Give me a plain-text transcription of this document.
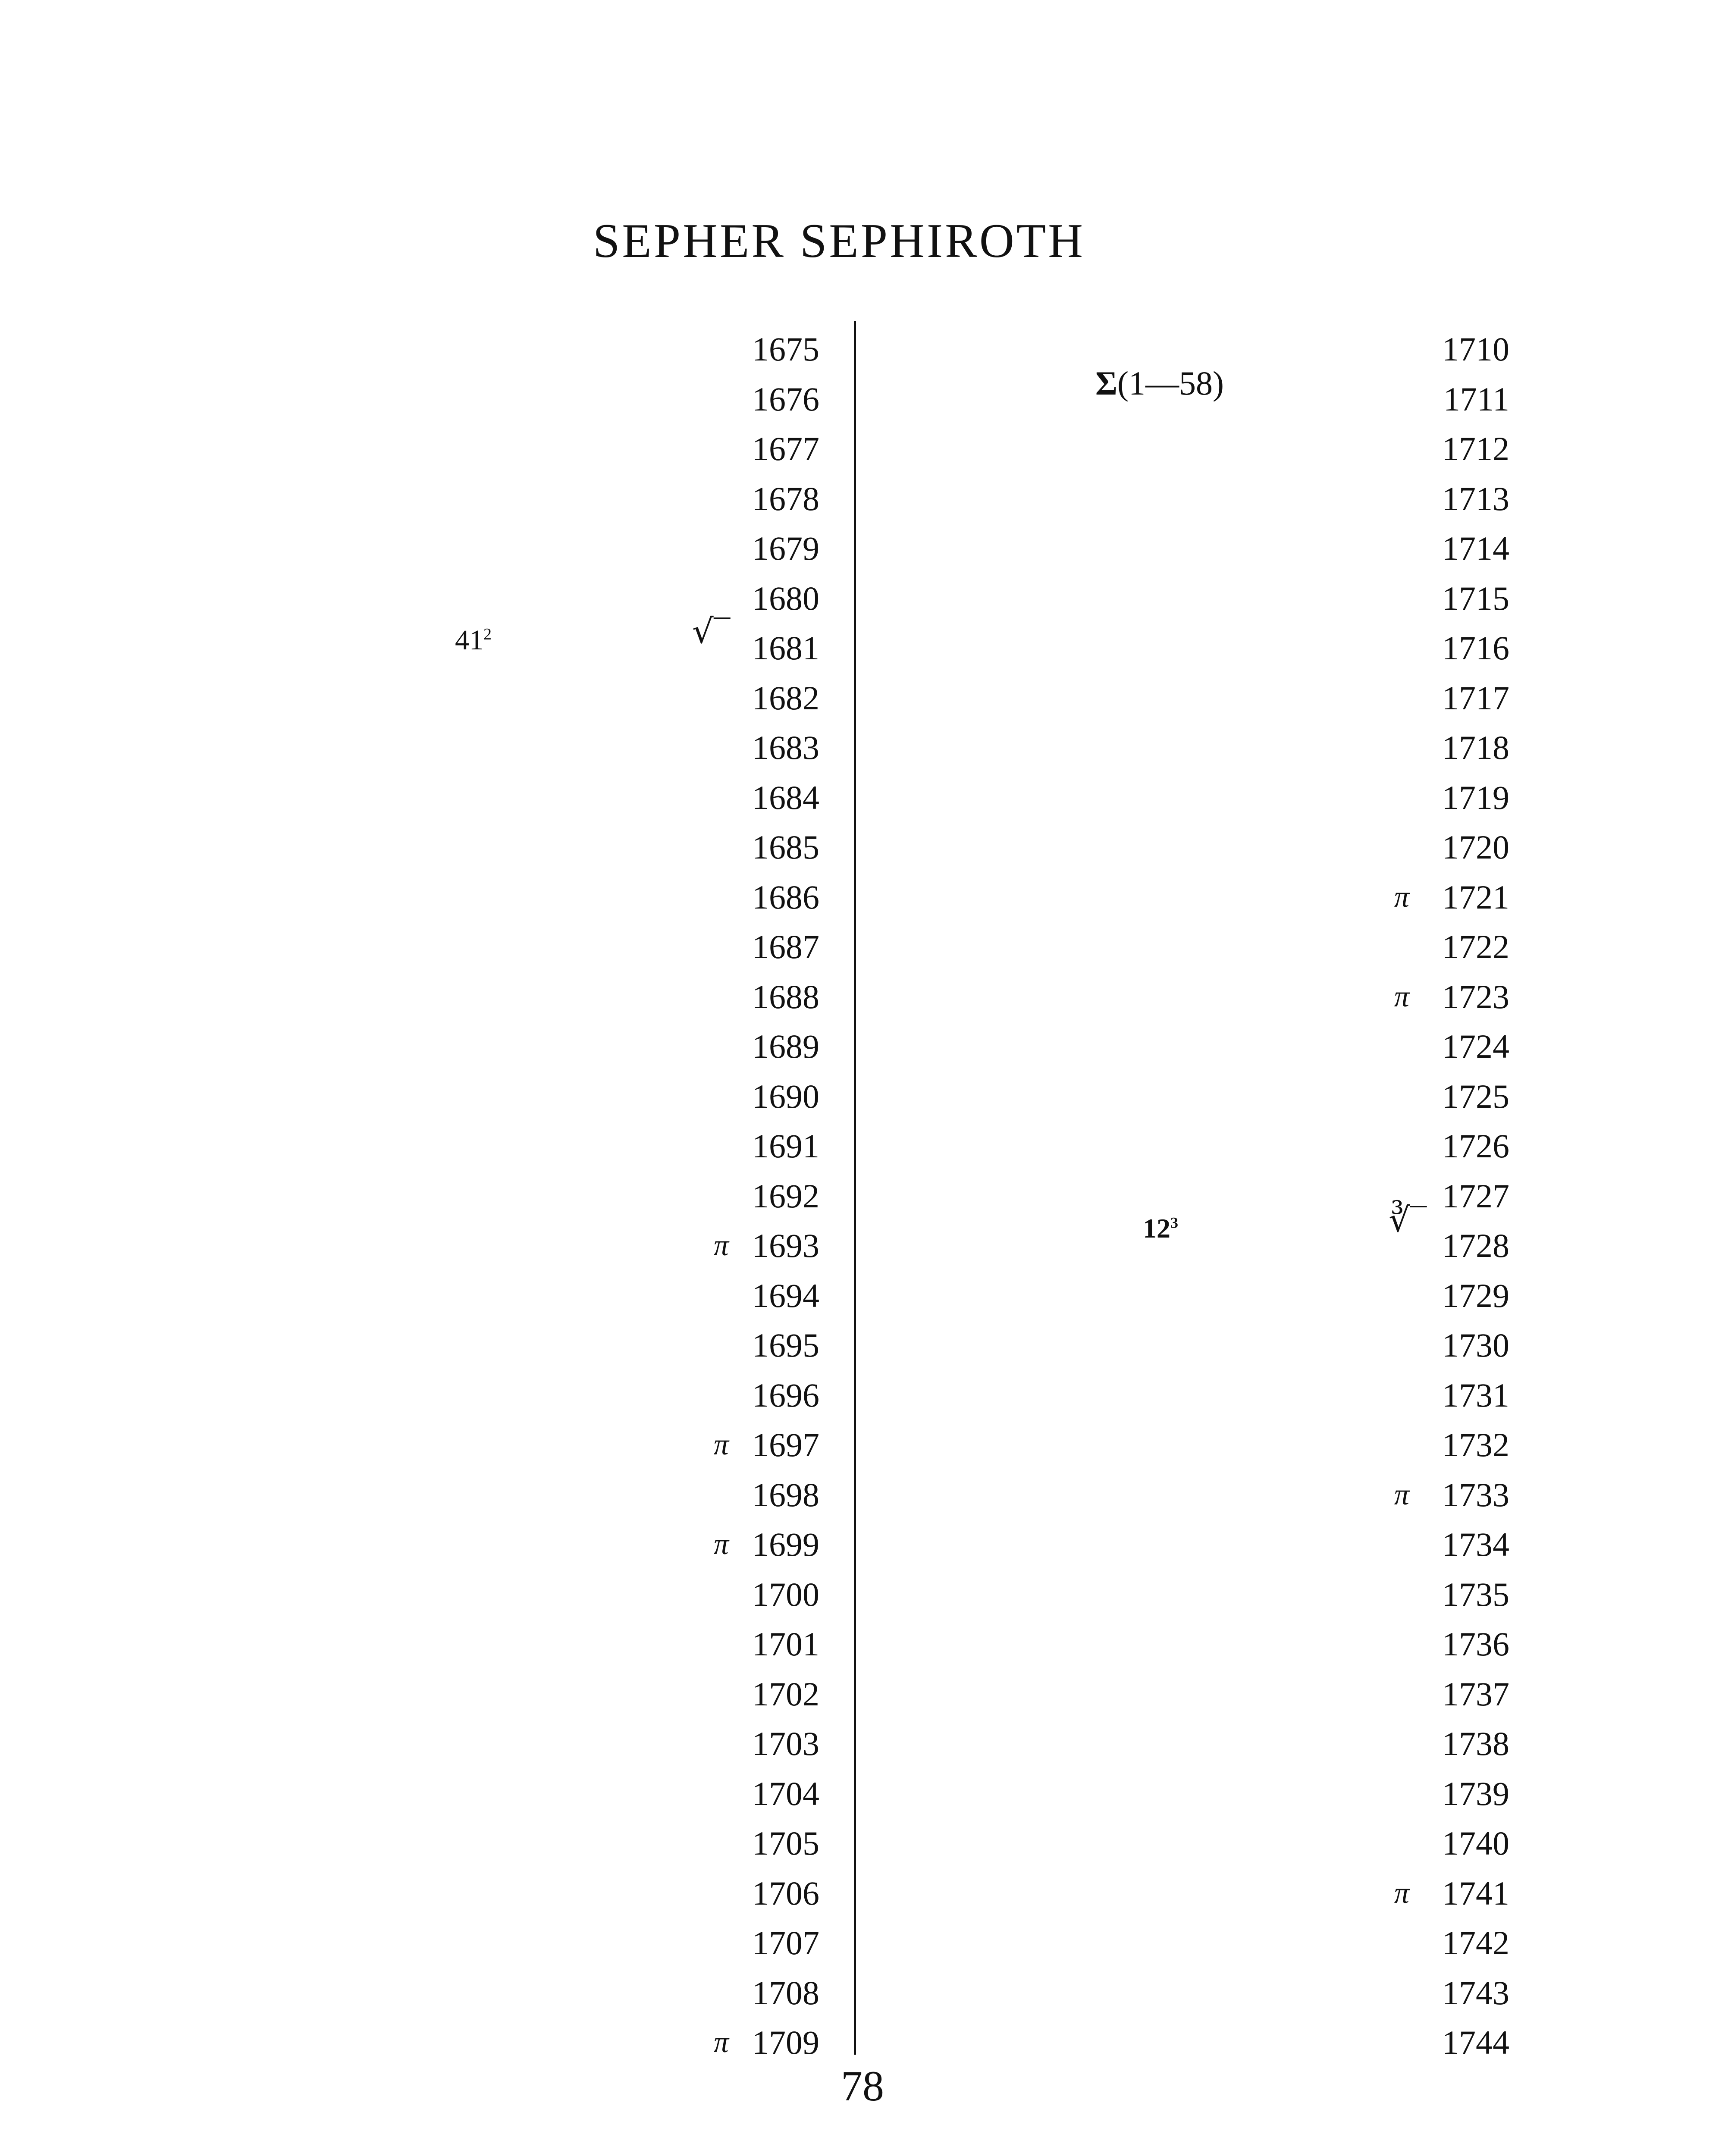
SEPHER SEPHIROTH
1675
1676
1677
1678
1679
1680
1681
1682
1683
1684
1685
1686
1687
1688
1689
1690
1691
1692
π 1693
1694
1695
1696
π 1697
1698
π 1699
1700
1701
1702
1703
1704
1705
1706
1707
1708
π 1709
1710
1711
1712
1713
1714
1715
1716
1717
1718
1719
1720
π 1721
1722
π 1723
1724
1725
1726
1727
1728
1729
1730
1731
1732
π 1733
1734
1735
1736
1737
1738
1739
1740
π 1741
1742
1743
1744
$41^2$	√‾
Σ(1—58)
$12^3$	∛‾
78
